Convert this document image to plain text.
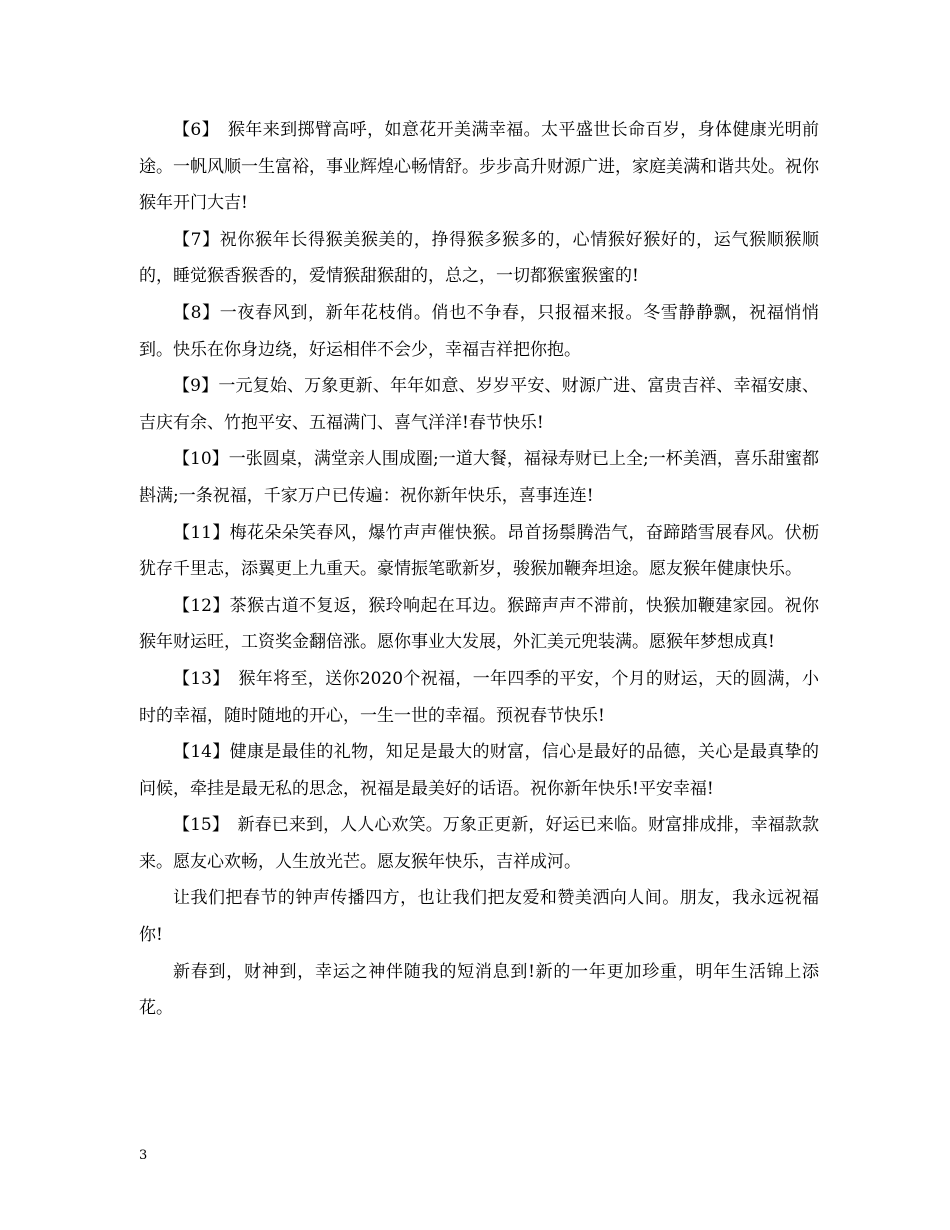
【6】　猴年来到掷臂高呼，如意花开美满幸福。太平盛世长命百岁，身体健康光明前途。一帆风顺一生富裕，事业辉煌心畅情舒。步步高升财源广进，家庭美满和谐共处。祝你猴年开门大吉!

【7】祝你猴年长得猴美猴美的，挣得猴多猴多的，心情猴好猴好的，运气猴顺猴顺的，睡觉猴香猴香的，爱情猴甜猴甜的，总之，一切都猴蜜猴蜜的!

【8】一夜春风到，新年花枝俏。俏也不争春，只报福来报。冬雪静静飘，祝福悄悄到。快乐在你身边绕，好运相伴不会少，幸福吉祥把你抱。

【9】一元复始、万象更新、年年如意、岁岁平安、财源广进、富贵吉祥、幸福安康、吉庆有余、竹抱平安、五福满门、喜气洋洋!春节快乐!

【10】一张圆桌，满堂亲人围成圈;一道大餐，福禄寿财已上全;一杯美酒，喜乐甜蜜都斟满;一条祝福，千家万户已传遍：祝你新年快乐，喜事连连!

【11】梅花朵朵笑春风，爆竹声声催快猴。昂首扬鬃腾浩气，奋蹄踏雪展春风。伏枥犹存千里志，添翼更上九重天。豪情振笔歌新岁，骏猴加鞭奔坦途。愿友猴年健康快乐。

【12】茶猴古道不复返，猴玲响起在耳边。猴蹄声声不滞前，快猴加鞭建家园。祝你猴年财运旺，工资奖金翻倍涨。愿你事业大发展，外汇美元兜装满。愿猴年梦想成真!

【13】　猴年将至，送你2020个祝福，一年四季的平安，个月的财运，天的圆满，小时的幸福，随时随地的开心，一生一世的幸福。预祝春节快乐!

【14】健康是最佳的礼物，知足是最大的财富，信心是最好的品德，关心是最真挚的问候，牵挂是最无私的思念，祝福是最美好的话语。祝你新年快乐!平安幸福!

【15】　新春已来到，人人心欢笑。万象正更新，好运已来临。财富排成排，幸福款款来。愿友心欢畅，人生放光芒。愿友猴年快乐，吉祥成河。

让我们把春节的钟声传播四方，也让我们把友爱和赞美洒向人间。朋友，我永远祝福你!

新春到，财神到，幸运之神伴随我的短消息到!新的一年更加珍重，明年生活锦上添花。

3
